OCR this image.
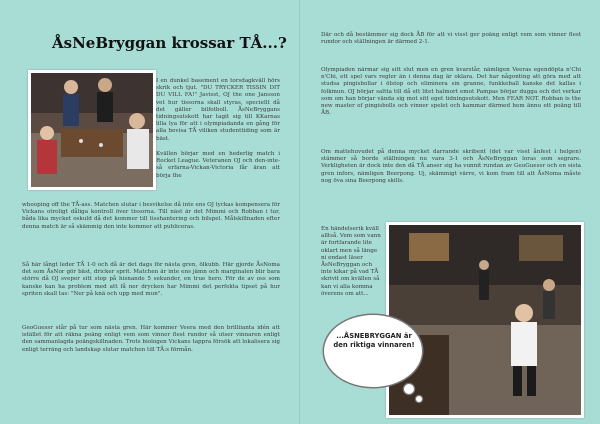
ÅsNeBryggan krossar TÅ...?

I en dunkel basement en torsdagkväll hörs skrik och tjut. "DU TRYCKER TISSIN DIT DU VILL FA!" Javisst, OJ the one Jansson vet hur tissorna skall styras, speciellt då det gäller bilfotboll. ÅsNeBryggans tidningsutskott har tagit sig till KKarnas lilla lya för att i olympiadanda en gång för alla bevisa TÅ viliken studenttiding som är bäst.

Kvällen börjar med en hederlig match i Rocket League. Veteranen OJ och den-inte-så erfarna-Vickan-Victoria får äran att börja the

whooping off the TÅ-ass. Matchen slutar i besvikelse då inte ens OJ lyckas kompensera för Vickans otroligt dåliga kontroll över tissorna. Till näst är det Mimmi och Robban i tur, båda lika mycket oskuld då det kommer till tisshantering och bilspel. Målskillnaden efter denna match är så skämmig den inte kommer att publiceras.

Så här långt leder TÅ 1-0 och då är det dags för nästa gren, ölkubb. Här gjorde ÅsNoma det som ÅsNor gör bäst, dricker sprit. Matchen är inte ens jämn och marginalen blir bara större då OJ sveper sitt stop på hisnande 5 sekunder, en true hero. För de av oss som kanske kan ha problem med att få ner drycken har Mimmi det perfekta tipset på hur spriten skall tas: "Ner på knä och upp med mun".

GeoGuessr står på tur som nästa gren. Här kommer Veera med den brilliianta idén att istället för att räkna poäng enligt vem som vinner flest rundor så utser vinnaren enligt den sammanlagda poängskillnaden. Trots biologen Vickans tappra försök att lokalisera sig enligt terräng och landskap slutar matchen till TÅ:s förmån.

Där och då bestämmer sig dock ÅB för att vi visst ger poäng enligt vem som vinner flest rundor och ställningen är därmed 2-1.

Olympiaden närmar sig sitt slut men en gren kvarstår, nämligen Veeras egendöpta n'Chi n'Chi, ett spel vars regler än i denna dag är oklara. Det har någonting att göra med att studsa pingisbollar i ölstop och eliminera sin granne, funkkeball kanske det kallas i folkmun. OJ börjar saltta till då ett litet halmort emot Pampas börjar dugga och det verkar som om han börjar vända sig mot sitt eget tidningsutskott. Men FEAR NOT. Robban is the new master of pingisbolls och vinner spelet och kammar därmed hem ännu ett poäng till ÅB.

Om mattehuvudet på denna mycket darrande skribent (det var visst ånfest i helgen) stämmer så borde ställningen nu vara 3-1 och ÅsNeBryggan loras som segrare. Verkligheten är dock inte den då TÅ anser sig ha vunnit rundan av GeoGuessr och en sista gren infors, nämligen Beerpong. Uj, skämmigt värre, vi kom fram till att ÅsNoma måste nog öva sina Beerpong skills.

En händelserik kväll alltså. Vem som vann är fortfarande lite oklart men så länge ni endast läser ÅsNeBryggan och inte kikar på vad TÅ skrivit om kvällen så kan vi alla komma överens om att...

...ÅSNEBRYGGAN är den riktiga vinnaren!
